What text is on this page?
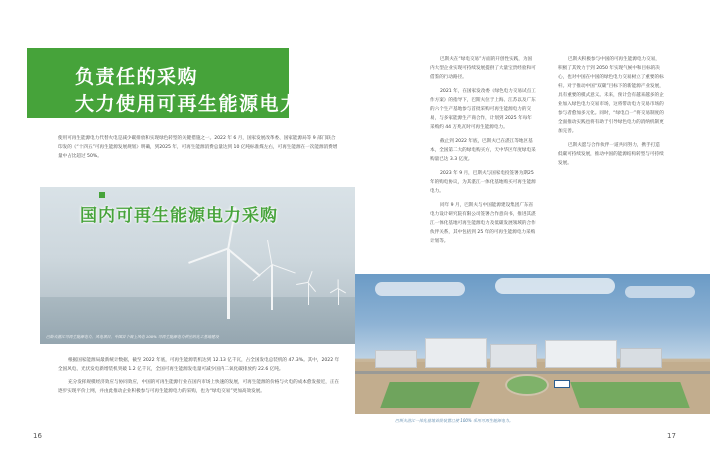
负责任的采购
大力使用可再生能源电力
使用可再生能源电力代替火电是减少碳排放和实现绿色转型的关键措施之一。2022 年 6 月，国家发展改革委、国家能源局等 9 部门联合印发的《“十四五”可再生能源发展规划》明确，到2025 年，可再生能源消费总量达到 10 亿吨标准煤左右，可再生能源在一次能源消费增量中占比超过 50%。
巴斯夫湛江可再生能源电力，风电项目，中国首个海上风电 100% 可再生能源电力供应的化工基地建设
国内可再生能源电力采购

根据国家能源局最新统计数据，截至 2022 年底，可再生能源装机达到 12.13 亿千瓦，占全国发电总装机的 47.3%。其中，2022 年全国风电、光伏发电新增装机突破 1.2 亿千瓦，全国可再生能源发电量可减少国内二氧化碳排放约 22.6 亿吨。

充分发挥规模经济效应与协同效应，中国的可再生能源行业在国内市场上快速的发展，可再生能源的价格与火电的成本愈发接近，正在逐步实现平价上网，并由此推动企业积极参与可再生能源电力的采购，也为“绿电交易”更加高效发展。

巴斯夫在“绿电交易”方面的开创性实践，为国内大型企业实现可持续发展提供了大量宝贵经验和可借鉴的行动路径。

2021 年，在国家发改委《绿色电力交易试点工作方案》的指导下，巴斯夫位于上海、江苏以及广东的六个生产基地参与首批采购可再生能源电力的交易，与多家能源生产商合作，计划到 2025 年每年采购约 44 万兆瓦时可再生能源电力。

截止到 2022 年底，巴斯夫已在湛江等地区基本，全国第二大的绿电购买方，天中华区年度绿电采购量已达 3.3 亿度。

2023 年 9 月，巴斯夫与国家电投签署为期25年的购电协议，为其湛江一体化基地购买可再生能源电力。

同年 9 月，巴斯夫与中国能源建设集团广东省电力设计研究院有限公司签署合作意向书，推进其湛江一体化基地可再生能源电力及低碳发展领域的合作伙伴关系，其中包括到 25 年的可再生能源电力采购计划等。

巴斯夫积极参与中国的可再生能源电力交易，积极了其致力于到 2050 年实现气候中和目标的决心，也对中国在中国的绿色电力交易树立了重要的标杆。对于推动中国“双碳”目标下的新能源产业发展，具有重要的模式意义。未来，预计会有越来越多的企业加入绿色电力交易市场，这将带动电力交易市场的参与者愈加多元化。同时，“绿电自一”将交易制度的全面推动实践也将有助于引导绿色电力的消纳机制更加完善。

巴斯夫愿与合作伙伴一道共同努力，携手打造低碳可持续发展，推动中国的能源结构转型与可持续发展。

巴斯夫湛江一体化基地首批装置已使 100% 采用可再生能源电力。
16	17
